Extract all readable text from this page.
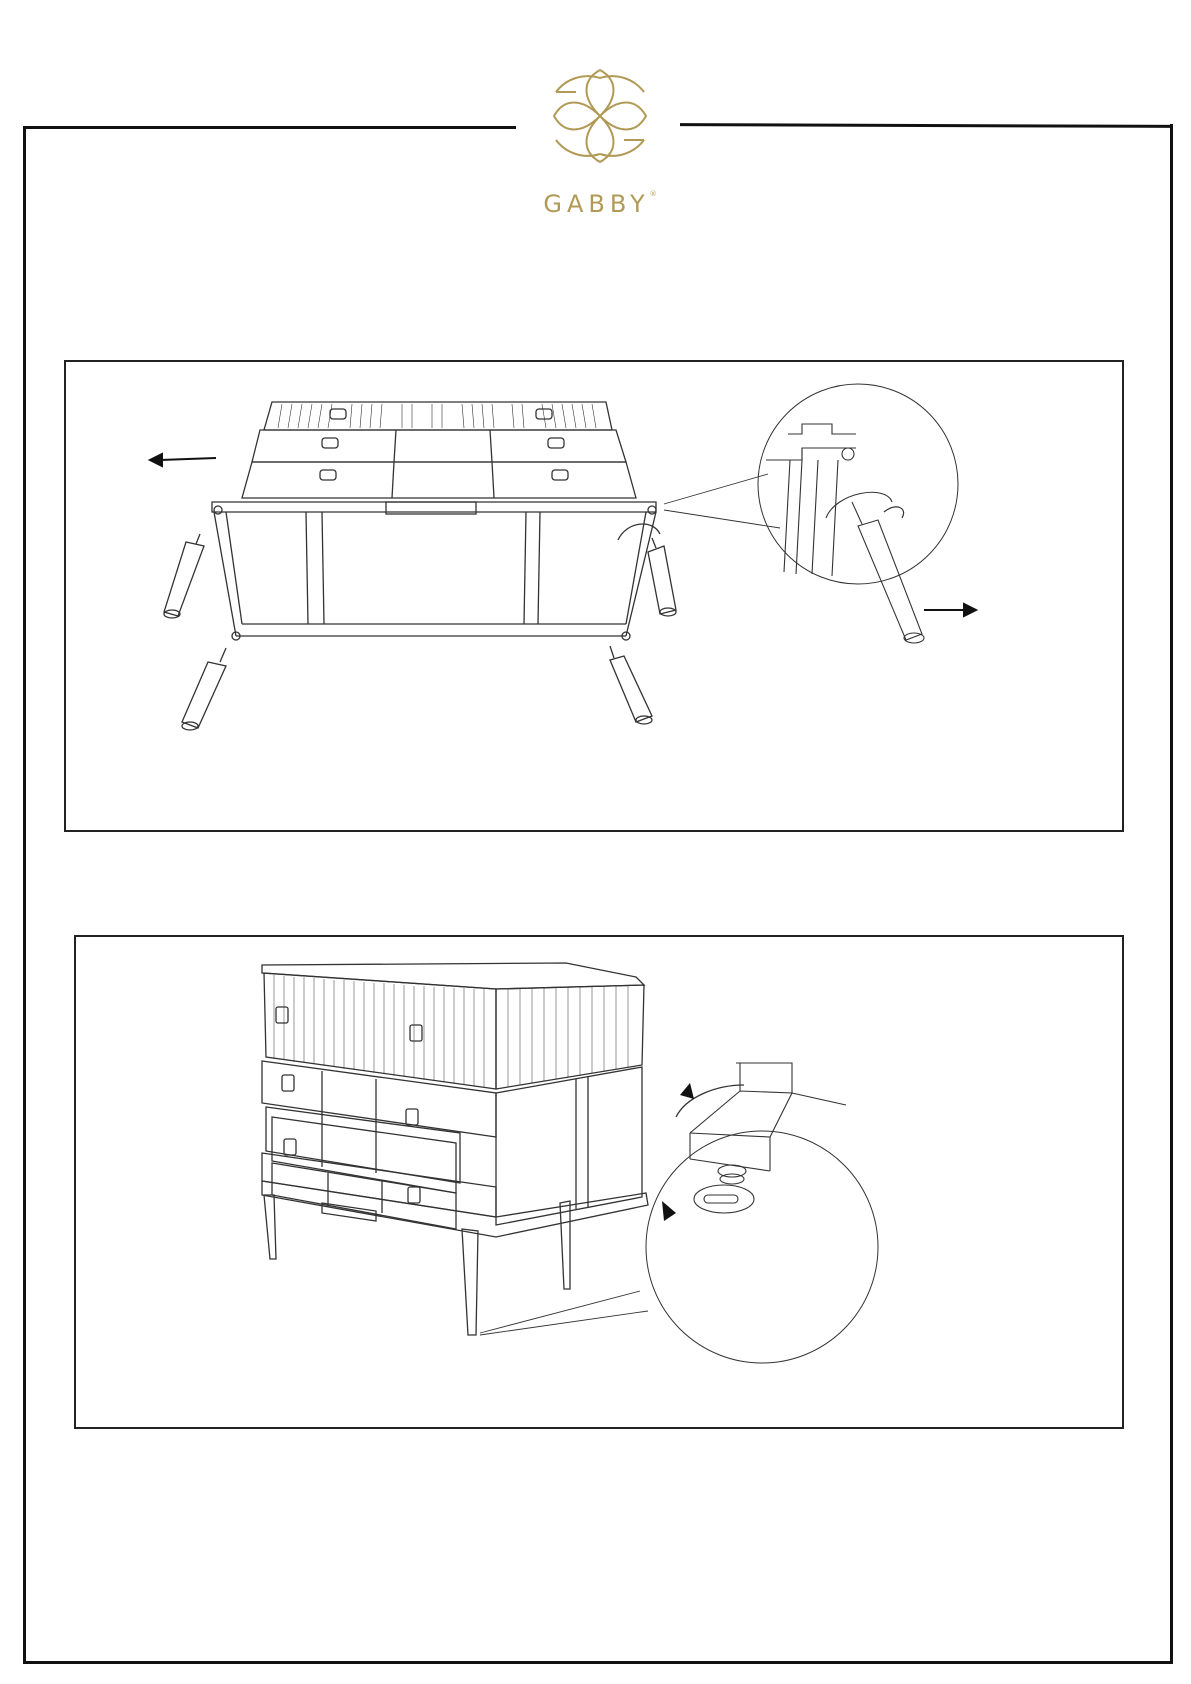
GABBY®
